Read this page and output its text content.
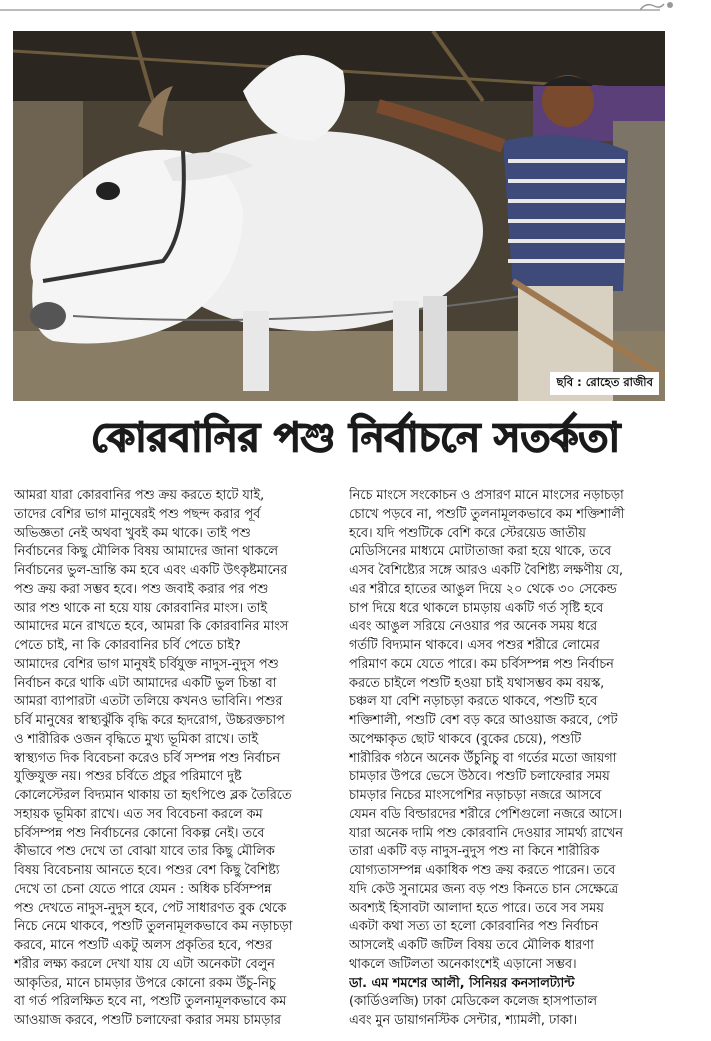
ছবি : রোহেত রাজীব
কোরবানির পশু নির্বাচনে সতর্কতা

আমরা যারা কোরবানির পশু ক্রয় করতে হাটে যাই,

তাদের বেশির ভাগ মানুষেরই পশু পছন্দ করার পূর্ব

অভিজ্ঞতা নেই অথবা খুবই কম থাকে। তাই পশু

নির্বাচনের কিছু মৌলিক বিষয় আমাদের জানা থাকলে

নির্বাচনের ভুল-ভ্রান্তি কম হবে এবং একটি উৎকৃষ্টমানের

পশু ক্রয় করা সম্ভব হবে। পশু জবাই করার পর পশু

আর পশু থাকে না হয়ে যায় কোরবানির মাংস। তাই

আমাদের মনে রাখতে হবে, আমরা কি কোরবানির মাংস

পেতে চাই, না কি কোরবানির চর্বি পেতে চাই?

আমাদের বেশির ভাগ মানুষই চর্বিযুক্ত নাদুস-নুদুস পশু

নির্বাচন করে থাকি এটা আমাদের একটি ভুল চিন্তা বা

আমরা ব্যাপারটা এতটা তলিয়ে কখনও ভাবিনি। পশুর

চর্বি মানুষের স্বাস্থ্যঝুঁকি বৃদ্ধি করে হৃদরোগ, উচ্চরক্তচাপ

ও শারীরিক ওজন বৃদ্ধিতে মুখ্য ভূমিকা রাখে। তাই

স্বাস্থ্যগত দিক বিবেচনা করেও চর্বি সম্পন্ন পশু নির্বাচন

যুক্তিযুক্ত নয়। পশুর চর্বিতে প্রচুর পরিমাণে দুষ্ট

কোলেস্টেরল বিদ্যমান থাকায় তা হৃৎপিণ্ডে ব্লক তৈরিতে

সহায়ক ভূমিকা রাখে। এত সব বিবেচনা করলে কম

চর্বিসম্পন্ন পশু নির্বাচনের কোনো বিকল্প নেই। তবে

কীভাবে পশু দেখে তা বোঝা যাবে তার কিছু মৌলিক

বিষয় বিবেচনায় আনতে হবে। পশুর বেশ কিছু বৈশিষ্ট্য

দেখে তা চেনা যেতে পারে যেমন : অধিক চর্বিসম্পন্ন

পশু দেখতে নাদুস-নুদুস হবে, পেট সাধারণত বুক থেকে

নিচে নেমে থাকবে, পশুটি তুলনামূলকভাবে কম নড়াচড়া

করবে, মানে পশুটি একটু অলস প্রকৃতির হবে, পশুর

শরীর লক্ষ্য করলে দেখা যায় যে এটা অনেকটা বেলুন

আকৃতির, মানে চামড়ার উপরে কোনো রকম উঁচু-নিচু

বা গর্ত পরিলক্ষিত হবে না, পশুটি তুলনামূলকভাবে কম

আওয়াজ করবে, পশুটি চলাফেরা করার সময় চামড়ার

নিচে মাংসে সংকোচন ও প্রসারণ মানে মাংসের নড়াচড়া

চোখে পড়বে না, পশুটি তুলনামূলকভাবে কম শক্তিশালী

হবে। যদি পশুটিকে বেশি করে স্টেরয়েড জাতীয়

মেডিসিনের মাধ্যমে মোটাতাজা করা হয়ে থাকে, তবে

এসব বৈশিষ্ট্যের সঙ্গে আরও একটি বৈশিষ্ট্য লক্ষণীয় যে,

এর শরীরে হাতের আঙুল দিয়ে ২০ থেকে ৩০ সেকেন্ড

চাপ দিয়ে ধরে থাকলে চামড়ায় একটি গর্ত সৃষ্টি হবে

এবং আঙুল সরিয়ে নেওয়ার পর অনেক সময় ধরে

গর্তটি বিদ্যমান থাকবে। এসব পশুর শরীরে লোমের

পরিমাণ কমে যেতে পারে। কম চর্বিসম্পন্ন পশু নির্বাচন

করতে চাইলে পশুটি হওয়া চাই যথাসম্ভব কম বয়স্ক,

চঞ্চল যা বেশি নড়াচড়া করতে থাকবে, পশুটি হবে

শক্তিশালী, পশুটি বেশ বড় করে আওয়াজ করবে, পেট

অপেক্ষাকৃত ছোট থাকবে (বুকের চেয়ে), পশুটি

শারীরিক গঠনে অনেক উঁচুনিচু বা গর্তের মতো জায়গা

চামড়ার উপরে ভেসে উঠবে। পশুটি চলাফেরার সময়

চামড়ার নিচের মাংসপেশির নড়াচড়া নজরে আসবে

যেমন বডি বিল্ডারদের শরীরে পেশিগুলো নজরে আসে।

যারা অনেক দামি পশু কোরবানি দেওয়ার সামর্থ্য রাখেন

তারা একটি বড় নাদুস-নুদুস পশু না কিনে শারীরিক

যোগ্যতাসম্পন্ন একাধিক পশু ক্রয় করতে পারেন। তবে

যদি কেউ সুনামের জন্য বড় পশু কিনতে চান সেক্ষেত্রে

অবশ্যই হিসাবটা আলাদা হতে পারে। তবে সব সময়

একটা কথা সত্য তা হলো কোরবানির পশু নির্বাচন

আসলেই একটি জটিল বিষয় তবে মৌলিক ধারণা

থাকলে জটিলতা অনেকাংশেই এড়ানো সম্ভব।

ডা. এম শমশের আলী, সিনিয়র কনসালট্যান্ট

(কার্ডিওলজি) ঢাকা মেডিকেল কলেজ হাসপাতাল

এবং মুন ডায়াগনস্টিক সেন্টার, শ্যামলী, ঢাকা।
